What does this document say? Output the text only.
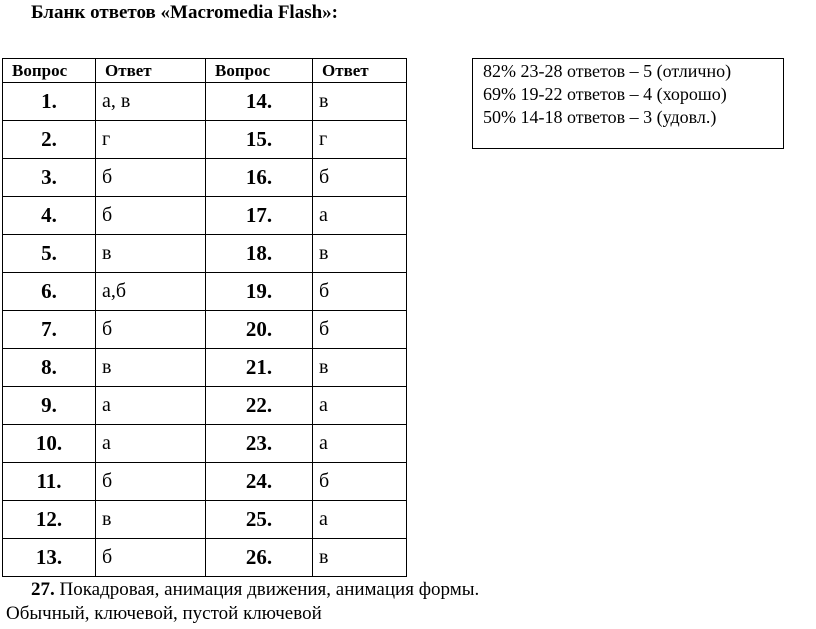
Бланк ответов «Macromedia Flash»:
Вопрос	Ответ	Вопрос	Ответ
1.	а, в	14.	в
2.	г	15.	г
3.	б	16.	б
4.	б	17.	а
5.	в	18.	в
6.	а,б	19.	б
7.	б	20.	б
8.	в	21.	в
9.	а	22.	а
10.	а	23.	а
11.	б	24.	б
12.	в	25.	а
13.	б	26.	в
82% 23-28 ответов – 5 (отлично)
69% 19-22 ответов – 4 (хорошо)
50% 14-18 ответов – 3 (удовл.)
27. Покадровая, анимация движения, анимация формы.
Обычный, ключевой, пустой ключевой
